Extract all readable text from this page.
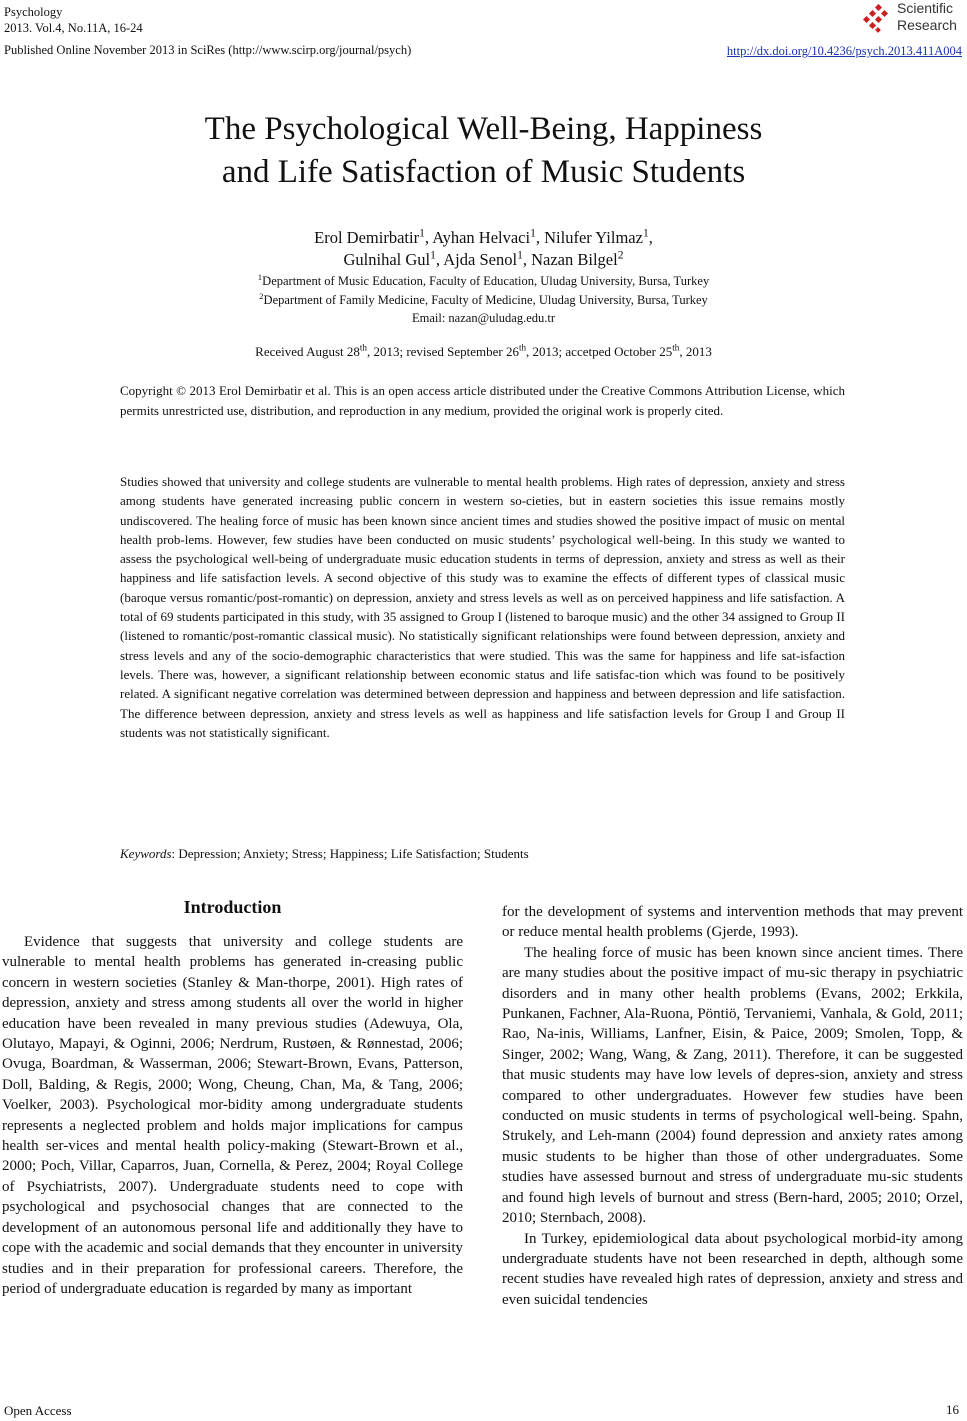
Psychology
2013. Vol.4, No.11A, 16-24
Published Online November 2013 in SciRes (http://www.scirp.org/journal/psych)	http://dx.doi.org/10.4236/psych.2013.411A004
Scientific
Research
The Psychological Well-Being, Happiness
and Life Satisfaction of Music Students
Erol Demirbatir$^1$, Ayhan Helvaci$^1$, Nilufer Yilmaz$^1$,
Gulnihal Gul$^1$, Ajda Senol$^1$, Nazan Bilgel$^2$
$^1$Department of Music Education, Faculty of Education, Uludag University, Bursa, Turkey
$^2$Department of Family Medicine, Faculty of Medicine, Uludag University, Bursa, Turkey
Email: nazan@uludag.edu.tr
Received August 28th, 2013; revised September 26th, 2013; accetped October 25th, 2013
Copyright © 2013 Erol Demirbatir et al. This is an open access article distributed under the Creative Commons Attribution License, which permits unrestricted use, distribution, and reproduction in any medium, provided the original work is properly cited.
Studies showed that university and college students are vulnerable to mental health problems. High rates of depression, anxiety and stress among students have generated increasing public concern in western so-cieties, but in eastern societies this issue remains mostly undiscovered. The healing force of music has been known since ancient times and studies showed the positive impact of music on mental health prob-lems. However, few studies have been conducted on music students’ psychological well-being. In this study we wanted to assess the psychological well-being of undergraduate music education students in terms of depression, anxiety and stress as well as their happiness and life satisfaction levels. A second objective of this study was to examine the effects of different types of classical music (baroque versus romantic/post-romantic) on depression, anxiety and stress levels as well as on perceived happiness and life satisfaction. A total of 69 students participated in this study, with 35 assigned to Group I (listened to baroque music) and the other 34 assigned to Group II (listened to romantic/post-romantic classical music). No statistically significant relationships were found between depression, anxiety and stress levels and any of the socio-demographic characteristics that were studied. This was the same for happiness and life sat-isfaction levels. There was, however, a significant relationship between economic status and life satisfac-tion which was found to be positively related. A significant negative correlation was determined between depression and happiness and between depression and life satisfaction. The difference between depression, anxiety and stress levels as well as happiness and life satisfaction levels for Group I and Group II students was not statistically significant.
Keywords: Depression; Anxiety; Stress; Happiness; Life Satisfaction; Students
Introduction

Evidence that suggests that university and college students are vulnerable to mental health problems has generated in-creasing public concern in western societies (Stanley & Man-thorpe, 2001). High rates of depression, anxiety and stress among students all over the world in higher education have been revealed in many previous studies (Adewuya, Ola, Olutayo, Mapayi, & Oginni, 2006; Nerdrum, Rustøen, & Rønnestad, 2006; Ovuga, Boardman, & Wasserman, 2006; Stewart-Brown, Evans, Patterson, Doll, Balding, & Regis, 2000; Wong, Cheung, Chan, Ma, & Tang, 2006; Voelker, 2003). Psychological mor-bidity among undergraduate students represents a neglected problem and holds major implications for campus health ser-vices and mental health policy-making (Stewart-Brown et al., 2000; Poch, Villar, Caparros, Juan, Cornella, & Perez, 2004; Royal College of Psychiatrists, 2007). Undergraduate students need to cope with psychological and psychosocial changes that are connected to the development of an autonomous personal life and additionally they have to cope with the academic and social demands that they encounter in university studies and in their preparation for professional careers. Therefore, the period of undergraduate education is regarded by many as important

for the development of systems and intervention methods that may prevent or reduce mental health problems (Gjerde, 1993).

The healing force of music has been known since ancient times. There are many studies about the positive impact of mu-sic therapy in psychiatric disorders and in many other health problems (Evans, 2002; Erkkila, Punkanen, Fachner, Ala-Ruona, Pöntiö, Tervaniemi, Vanhala, & Gold, 2011; Rao, Na-inis, Williams, Lanfner, Eisin, & Paice, 2009; Smolen, Topp, & Singer, 2002; Wang, Wang, & Zang, 2011). Therefore, it can be suggested that music students may have low levels of depres-sion, anxiety and stress compared to other undergraduates. However few studies have been conducted on music students in terms of psychological well-being. Spahn, Strukely, and Leh-mann (2004) found depression and anxiety rates among music students to be higher than those of other undergraduates. Some studies have assessed burnout and stress of undergraduate mu-sic students and found high levels of burnout and stress (Bern-hard, 2005; 2010; Orzel, 2010; Sternbach, 2008).

In Turkey, epidemiological data about psychological morbid-ity among undergraduate students have not been researched in depth, although some recent studies have revealed high rates of depression, anxiety and stress and even suicidal tendencies

Open Access	16
